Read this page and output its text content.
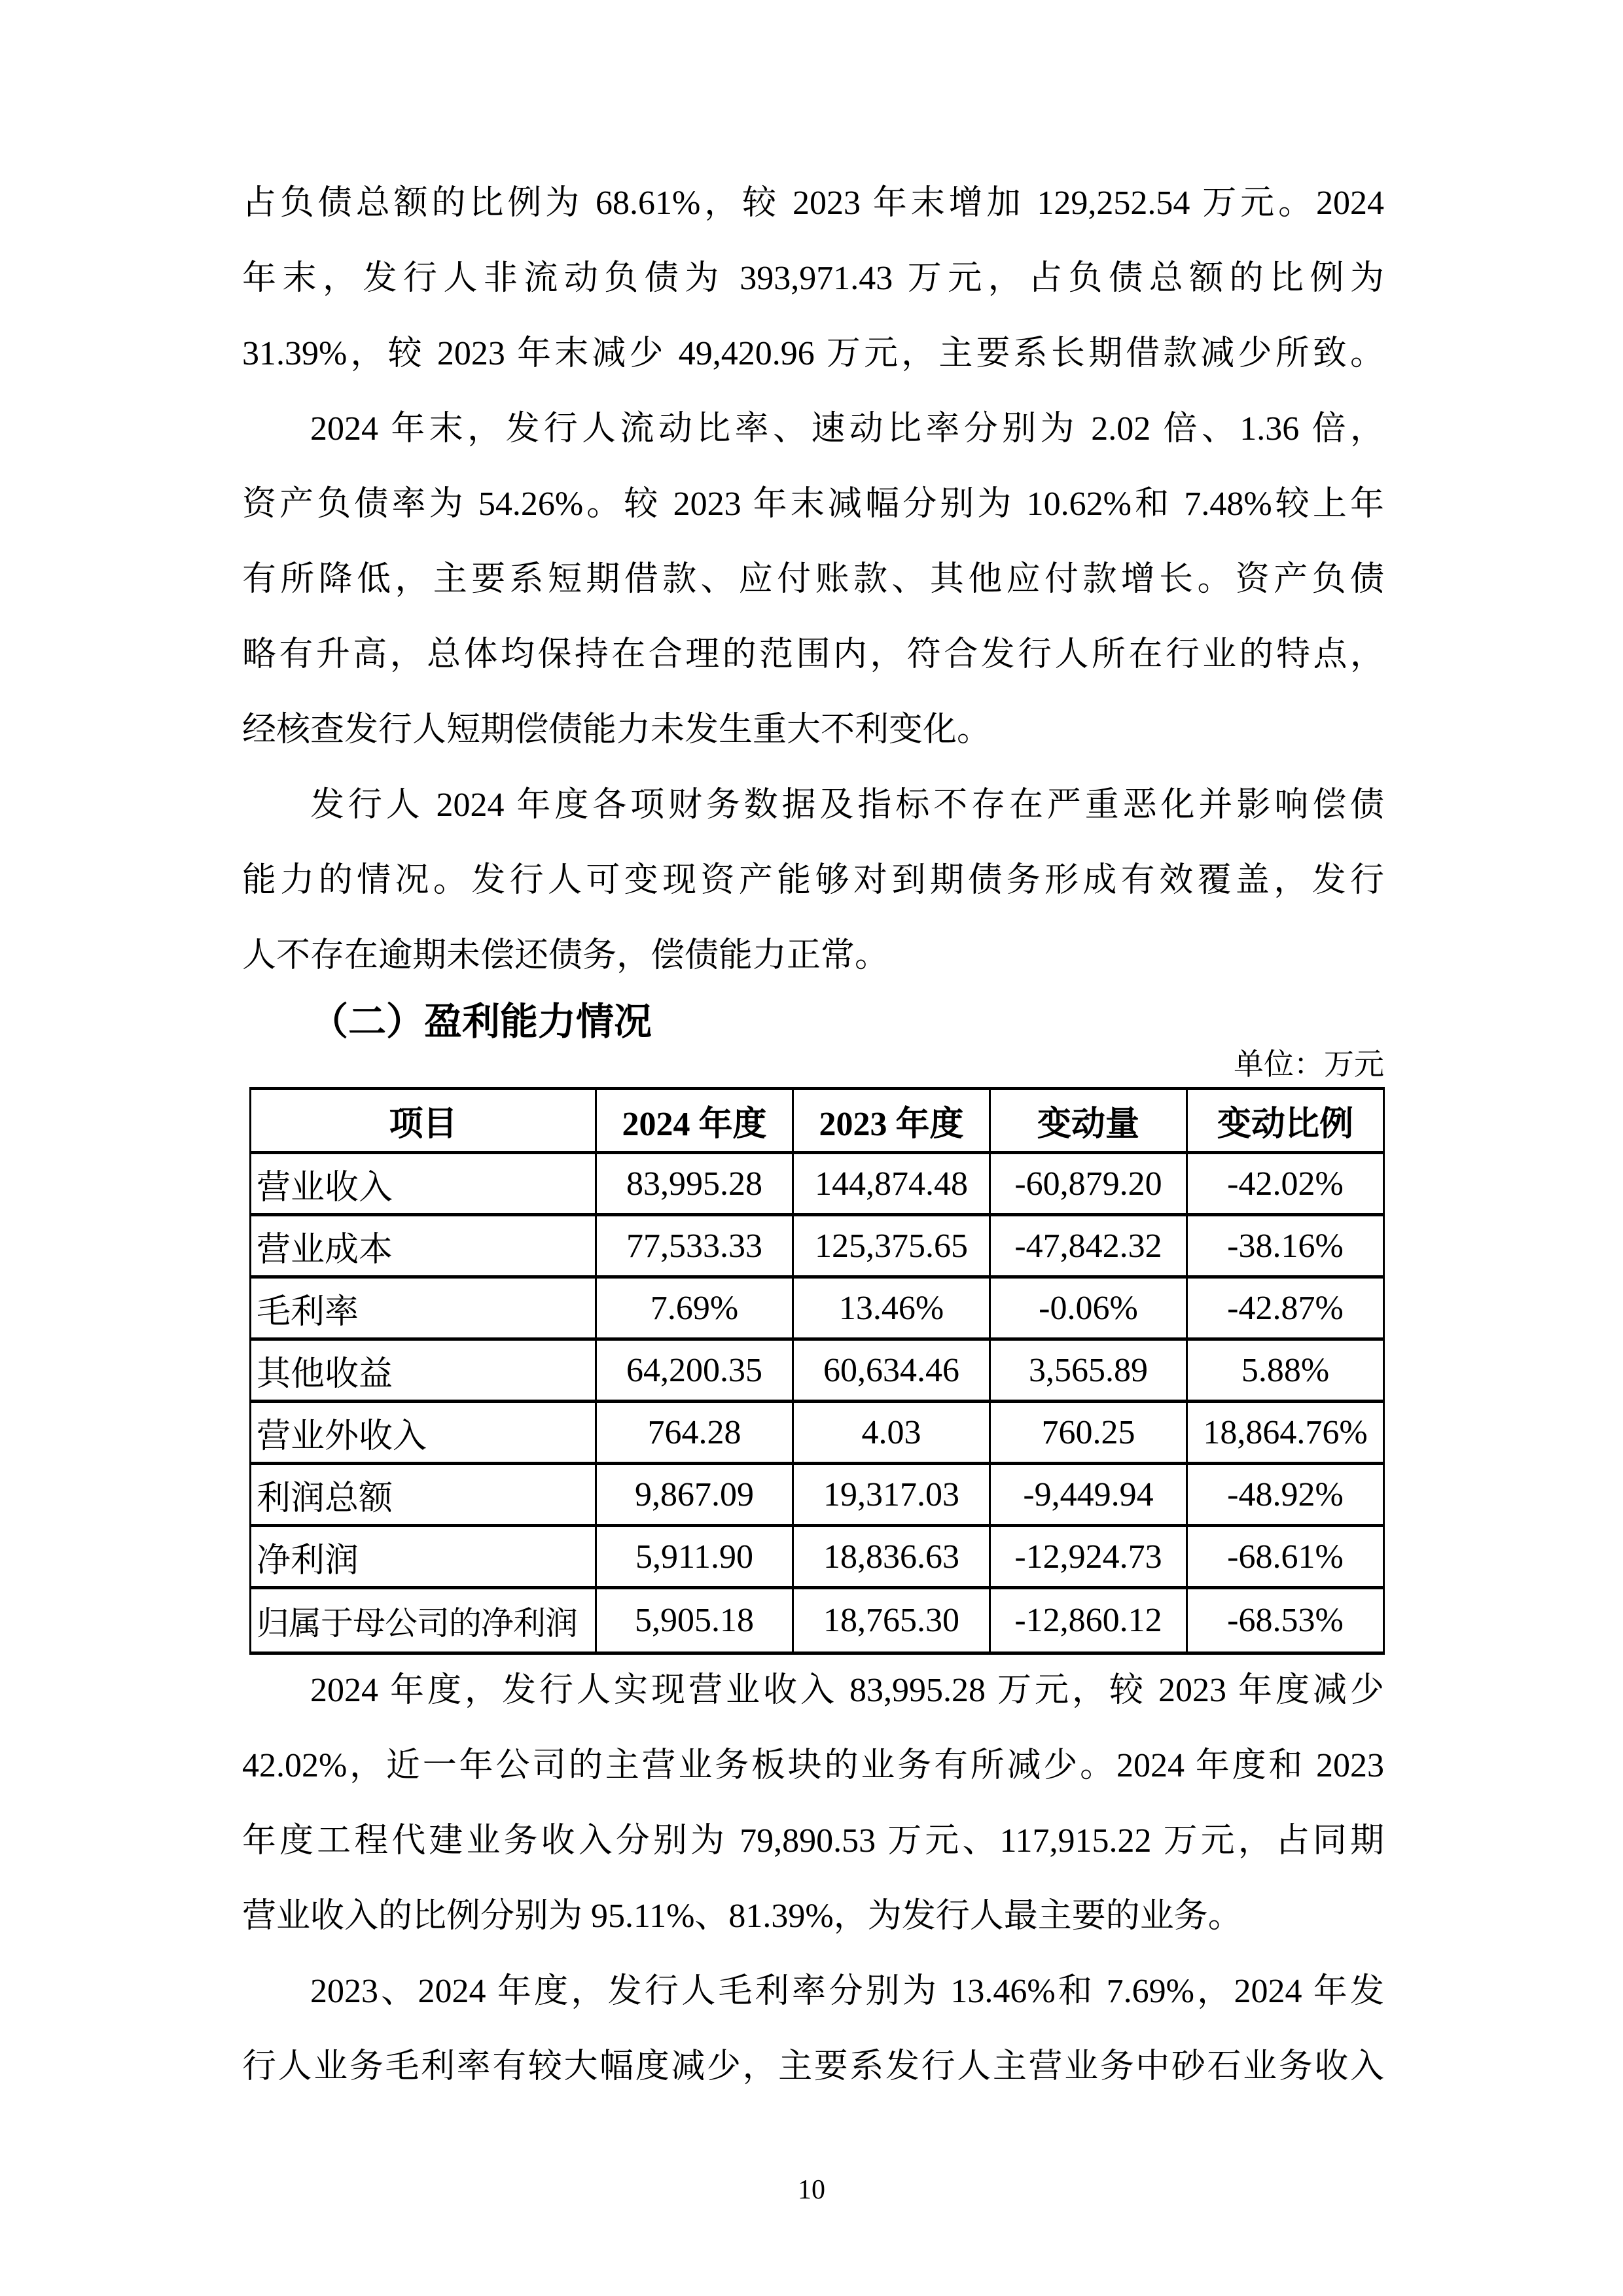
占负债总额的比例为 68.61%，较 2023 年末增加 129,252.54 万元。2024
年末，发行人非流动负债为 393,971.43 万元，占负债总额的比例为
31.39%，较 2023 年末减少 49,420.96 万元，主要系长期借款减少所致。
2024 年末，发行人流动比率、速动比率分别为 2.02 倍、1.36 倍，
资产负债率为 54.26%。较 2023 年末减幅分别为 10.62%和 7.48%较上年
有所降低，主要系短期借款、应付账款、其他应付款增长。资产负债
略有升高，总体均保持在合理的范围内，符合发行人所在行业的特点，
经核查发行人短期偿债能力未发生重大不利变化。
发行人 2024 年度各项财务数据及指标不存在严重恶化并影响偿债
能力的情况。发行人可变现资产能够对到期债务形成有效覆盖，发行
人不存在逾期未偿还债务，偿债能力正常。
（二）盈利能力情况
单位：万元
项目	2024 年度	2023 年度	变动量	变动比例
营业收入	83,995.28	144,874.48	-60,879.20	-42.02%
营业成本	77,533.33	125,375.65	-47,842.32	-38.16%
毛利率	7.69%	13.46%	-0.06%	-42.87%
其他收益	64,200.35	60,634.46	3,565.89	5.88%
营业外收入	764.28	4.03	760.25	18,864.76%
利润总额	9,867.09	19,317.03	-9,449.94	-48.92%
净利润	5,911.90	18,836.63	-12,924.73	-68.61%
归属于母公司的净利润	5,905.18	18,765.30	-12,860.12	-68.53%
2024 年度，发行人实现营业收入 83,995.28 万元，较 2023 年度减少
42.02%，近一年公司的主营业务板块的业务有所减少。2024 年度和 2023
年度工程代建业务收入分别为 79,890.53 万元、117,915.22 万元，占同期
营业收入的比例分别为 95.11%、81.39%，为发行人最主要的业务。
2023、2024 年度，发行人毛利率分别为 13.46%和 7.69%，2024 年发
行人业务毛利率有较大幅度减少，主要系发行人主营业务中砂石业务收入
10
